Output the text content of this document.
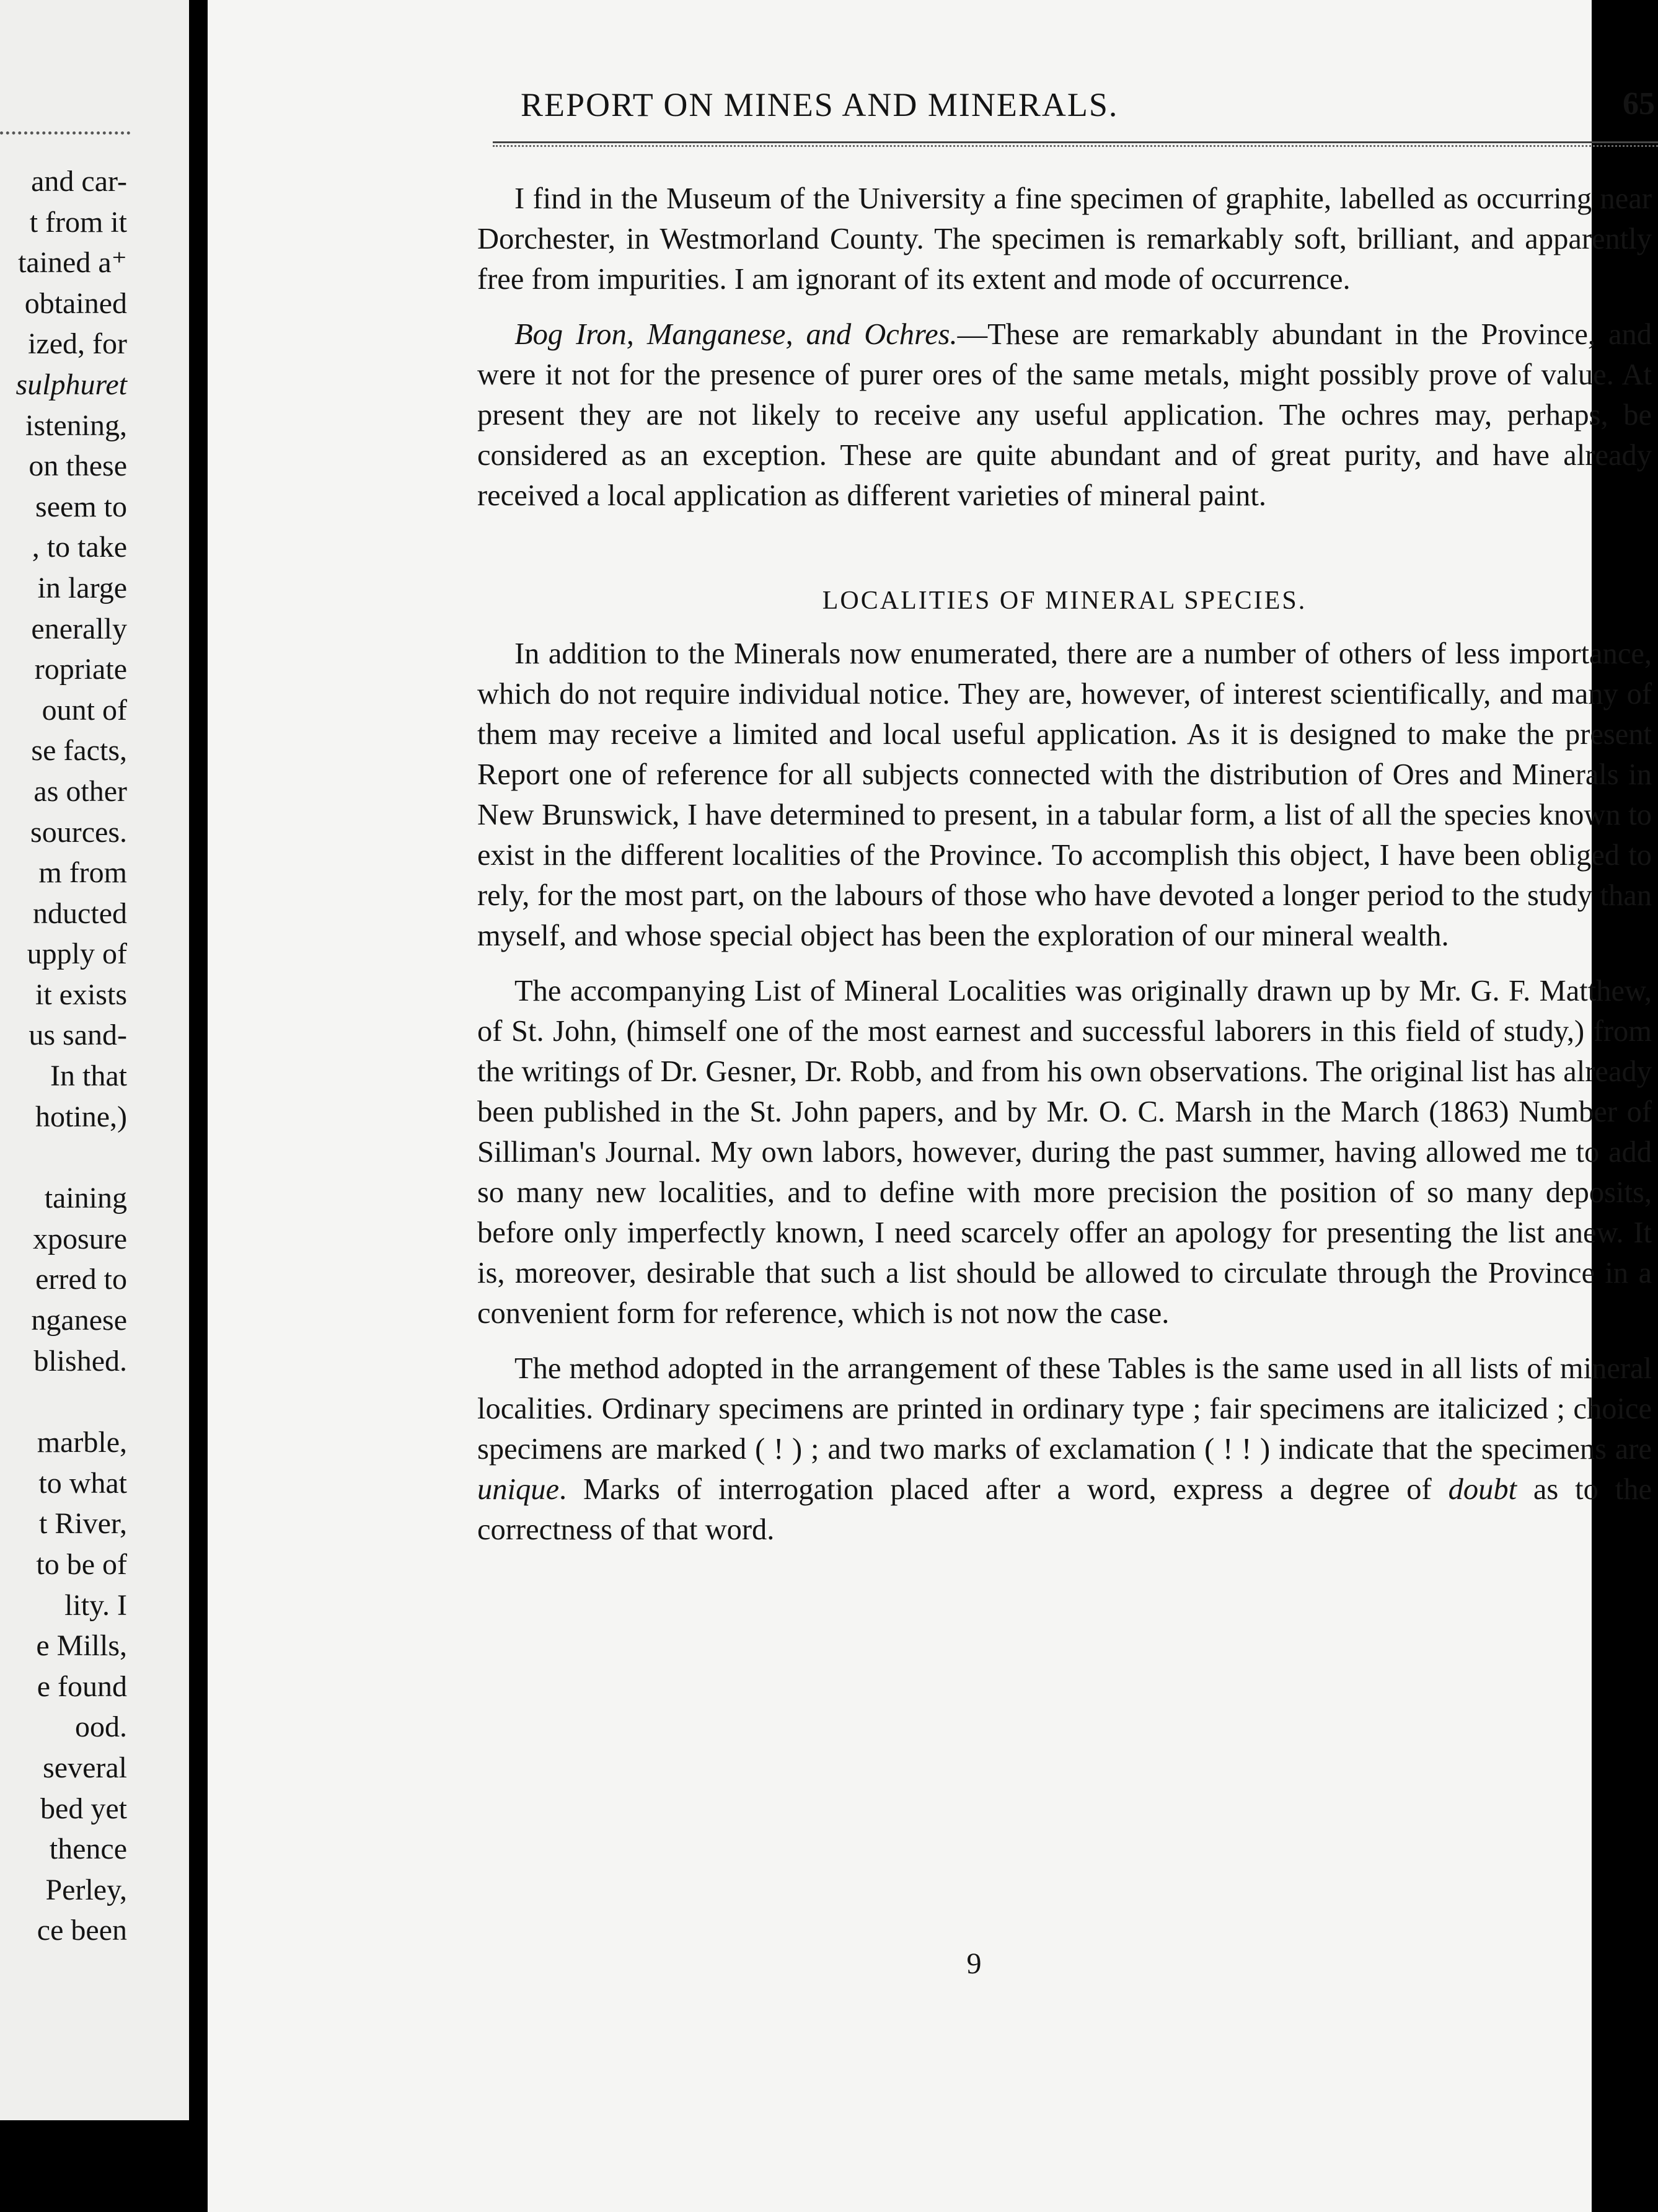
and car-
t from it
tained a⁺
obtained
ized, for
sulphuret
istening,
on these
seem to
, to take
in large
enerally
ropriate
ount of
se facts,
as other
sources.
m from
nducted
upply of
it exists
us sand-
In that
hotine,)
taining
xposure
erred to
nganese
blished.
marble,
to what
t River,
to be of
lity. I
e Mills,
e found
ood.
several
bed yet
thence
Perley,
ce been
REPORT ON MINES AND MINERALS.	65

I find in the Museum of the University a fine specimen of graphite, labelled as occurring near Dorchester, in Westmorland County. The specimen is remarkably soft, brilliant, and apparently free from impurities. I am ignorant of its extent and mode of occurrence.

Bog Iron, Manganese, and Ochres.—These are remarkably abundant in the Province, and were it not for the presence of purer ores of the same metals, might possibly prove of value. At present they are not likely to receive any useful application. The ochres may, perhaps, be considered as an exception. These are quite abundant and of great purity, and have already received a local application as different varieties of mineral paint.

LOCALITIES OF MINERAL SPECIES.

In addition to the Minerals now enumerated, there are a number of others of less importance, which do not require individual notice. They are, however, of interest scientifically, and many of them may receive a limited and local useful application. As it is designed to make the present Report one of reference for all subjects connected with the distribution of Ores and Minerals in New Brunswick, I have determined to present, in a tabular form, a list of all the species known to exist in the different localities of the Province. To accomplish this object, I have been obliged to rely, for the most part, on the labours of those who have devoted a longer period to the study than myself, and whose special object has been the exploration of our mineral wealth.

The accompanying List of Mineral Localities was originally drawn up by Mr. G. F. Matthew, of St. John, (himself one of the most earnest and successful laborers in this field of study,) from the writings of Dr. Gesner, Dr. Robb, and from his own observations. The original list has already been published in the St. John papers, and by Mr. O. C. Marsh in the March (1863) Number of Silliman's Journal. My own labors, however, during the past summer, having allowed me to add so many new localities, and to define with more precision the position of so many deposits, before only imperfectly known, I need scarcely offer an apology for presenting the list anew. It is, moreover, desirable that such a list should be allowed to circulate through the Province in a convenient form for reference, which is not now the case.

The method adopted in the arrangement of these Tables is the same used in all lists of mineral localities. Ordinary specimens are printed in ordinary type ; fair specimens are italicized ; choice specimens are marked ( ! ) ; and two marks of exclamation ( ! ! ) indicate that the specimens are unique. Marks of interrogation placed after a word, express a degree of doubt as to the correctness of that word.

9
